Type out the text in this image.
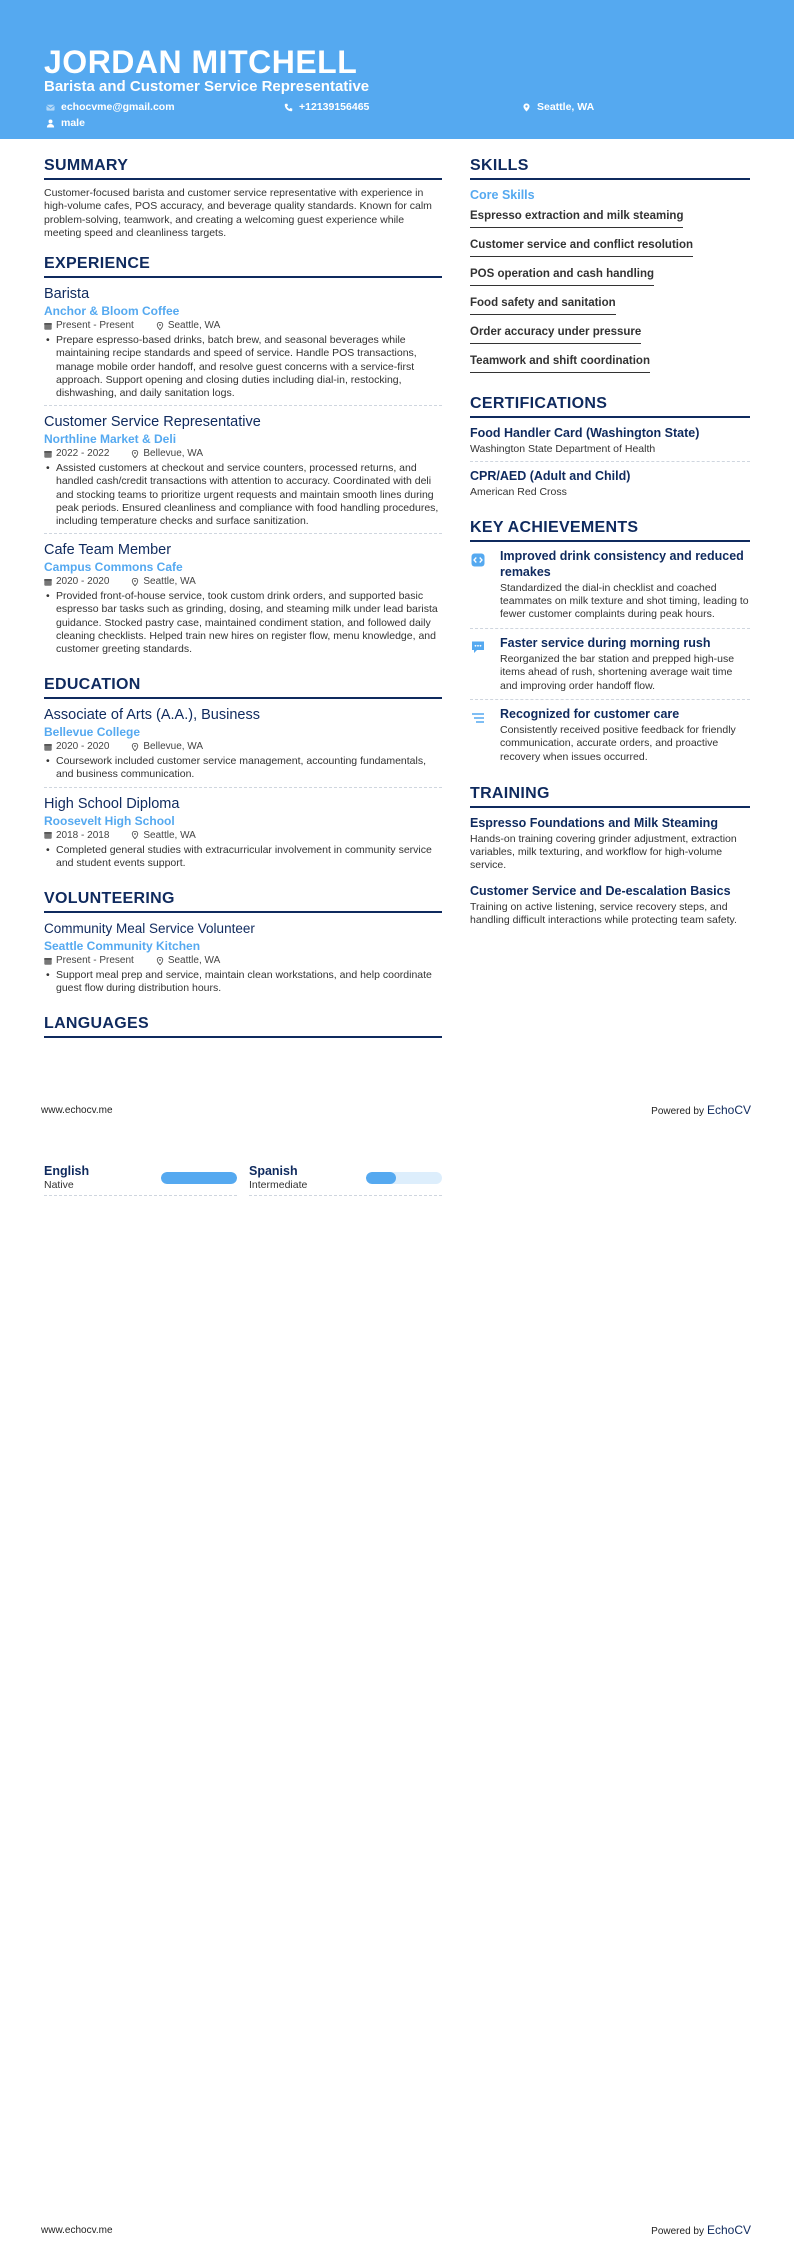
JORDAN MITCHELL
Barista and Customer Service Representative
echocvme@gmail.com	+12139156465	Seattle, WA
male
SUMMARY
Customer-focused barista and customer service representative with experience in high-volume cafes, POS accuracy, and beverage quality standards. Known for calm problem-solving, teamwork, and creating a welcoming guest experience while meeting speed and cleanliness targets.
EXPERIENCE
Barista
Anchor & Bloom Coffee
Present - Present	Seattle, WA
• Prepare espresso-based drinks, batch brew, and seasonal beverages while maintaining recipe standards and speed of service. Handle POS transactions, manage mobile order handoff, and resolve guest concerns with a service-first approach. Support opening and closing duties including dial-in, restocking, dishwashing, and daily sanitation logs.
Customer Service Representative
Northline Market & Deli
2022 - 2022	Bellevue, WA
• Assisted customers at checkout and service counters, processed returns, and handled cash/credit transactions with attention to accuracy. Coordinated with deli and stocking teams to prioritize urgent requests and maintain smooth lines during peak periods. Ensured cleanliness and compliance with food handling procedures, including temperature checks and surface sanitization.
Cafe Team Member
Campus Commons Cafe
2020 - 2020	Seattle, WA
• Provided front-of-house service, took custom drink orders, and supported basic espresso bar tasks such as grinding, dosing, and steaming milk under lead barista guidance. Stocked pastry case, maintained condiment station, and followed daily cleaning checklists. Helped train new hires on register flow, menu knowledge, and customer greeting standards.
EDUCATION
Associate of Arts (A.A.), Business
Bellevue College
2020 - 2020	Bellevue, WA
• Coursework included customer service management, accounting fundamentals, and business communication.
High School Diploma
Roosevelt High School
2018 - 2018	Seattle, WA
• Completed general studies with extracurricular involvement in community service and student events support.
VOLUNTEERING
Community Meal Service Volunteer
Seattle Community Kitchen
Present - Present	Seattle, WA
• Support meal prep and service, maintain clean workstations, and help coordinate guest flow during distribution hours.
LANGUAGES
SKILLS
Core Skills
Espresso extraction and milk steaming
Customer service and conflict resolution
POS operation and cash handling
Food safety and sanitation
Order accuracy under pressure
Teamwork and shift coordination
CERTIFICATIONS
Food Handler Card (Washington State)
Washington State Department of Health
CPR/AED (Adult and Child)
American Red Cross
KEY ACHIEVEMENTS
Improved drink consistency and reduced remakes
Standardized the dial-in checklist and coached teammates on milk texture and shot timing, leading to fewer customer complaints during peak hours.
Faster service during morning rush
Reorganized the bar station and prepped high-use items ahead of rush, shortening average wait time and improving order handoff flow.
Recognized for customer care
Consistently received positive feedback for friendly communication, accurate orders, and proactive recovery when issues occurred.
TRAINING
Espresso Foundations and Milk Steaming
Hands-on training covering grinder adjustment, extraction variables, milk texturing, and workflow for high-volume service.
Customer Service and De-escalation Basics
Training on active listening, service recovery steps, and handling difficult interactions while protecting team safety.
www.echocv.me	Powered by EchoCV
English
Native
Spanish
Intermediate
www.echocv.me	Powered by EchoCV
